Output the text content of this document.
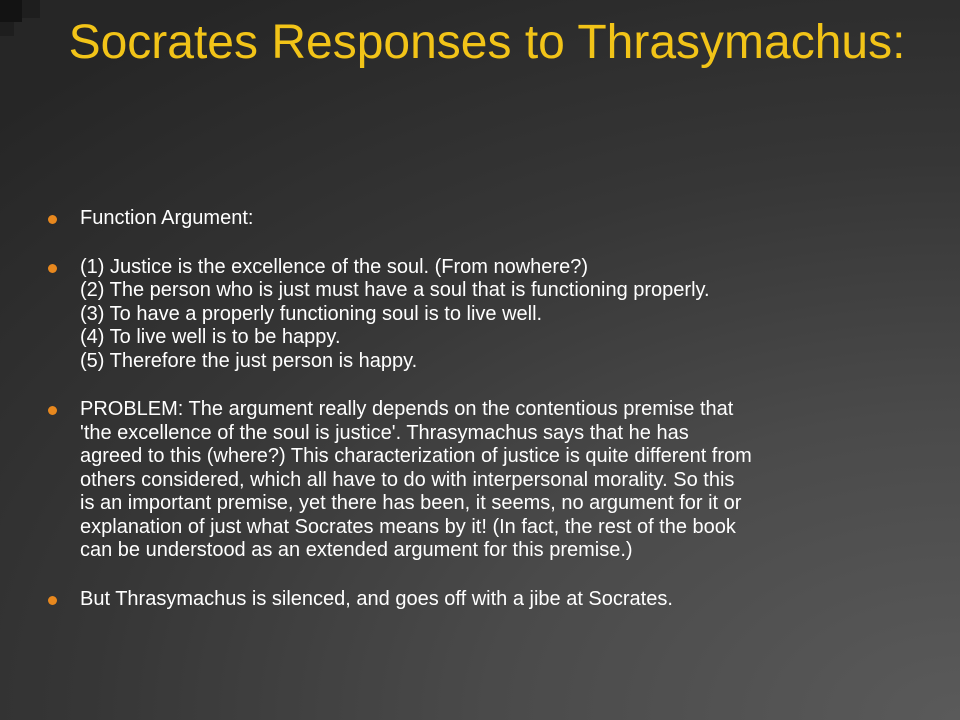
Socrates Responses to Thrasymachus:
Function Argument:
(1) Justice is the excellence of the soul. (From nowhere?)
(2) The person who is just must have a soul that is functioning properly.
(3) To have a properly functioning soul is to live well.
(4) To live well is to be happy.
(5) Therefore the just person is happy.
PROBLEM: The argument really depends on the contentious premise that
'the excellence of the soul is justice'. Thrasymachus says that he has
agreed to this (where?) This characterization of justice is quite different from
others considered, which all have to do with interpersonal morality. So this
is an important premise, yet there has been, it seems, no argument for it or
explanation of just what Socrates means by it! (In fact, the rest of the book
can be understood as an extended argument for this premise.)
But Thrasymachus is silenced, and goes off with a jibe at Socrates.
